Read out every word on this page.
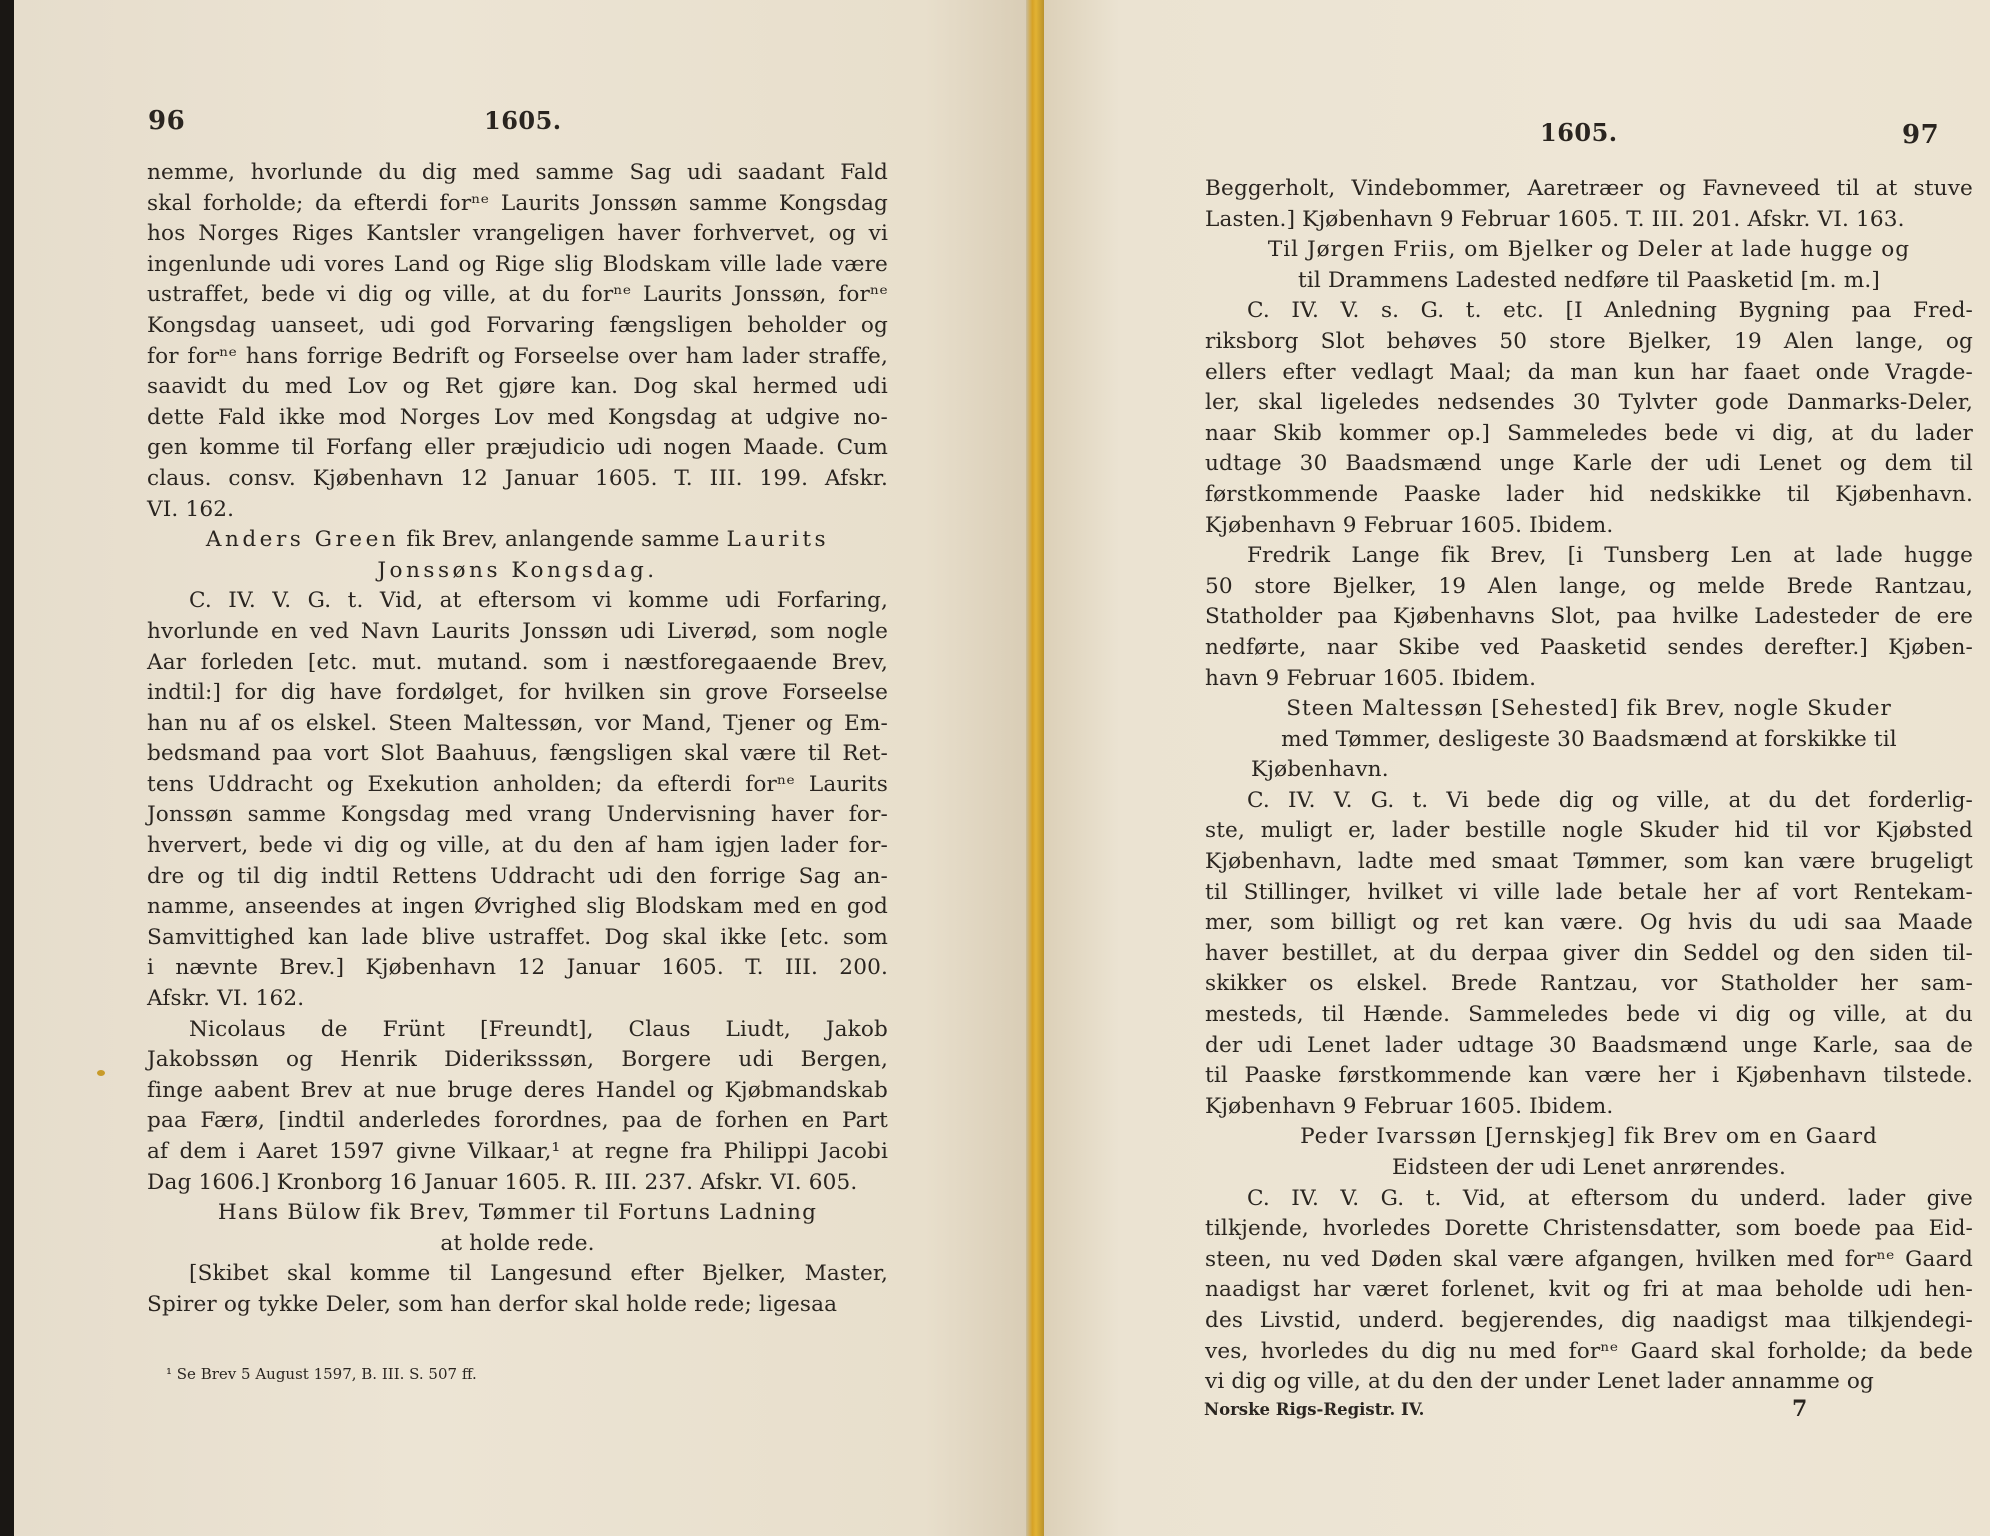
96	1605.
nemme, hvorlunde du dig med samme Sag udi saadant Fald
skal forholde; da efterdi forⁿᵉ Laurits Jonssøn samme Kongsdag
hos Norges Riges Kantsler vrangeligen haver forhvervet, og vi
ingenlunde udi vores Land og Rige slig Blodskam ville lade være
ustraffet, bede vi dig og ville, at du forⁿᵉ Laurits Jonssøn, forⁿᵉ
Kongsdag uanseet, udi god Forvaring fængsligen beholder og
for forⁿᵉ hans forrige Bedrift og Forseelse over ham lader straffe,
saavidt du med Lov og Ret gjøre kan. Dog skal hermed udi
dette Fald ikke mod Norges Lov med Kongsdag at udgive no-
gen komme til Forfang eller præjudicio udi nogen Maade. Cum
claus. consv. Kjøbenhavn 12 Januar 1605. T. III. 199. Afskr.
VI. 162.

Anders Green fik Brev, anlangende samme Laurits

Jonssøns Kongsdag.

C. IV. V. G. t. Vid, at eftersom vi komme udi Forfaring,
hvorlunde en ved Navn Laurits Jonssøn udi Liverød, som nogle
Aar forleden [etc. mut. mutand. som i næstforegaaende Brev,
indtil:] for dig have fordølget, for hvilken sin grove Forseelse
han nu af os elskel. Steen Maltessøn, vor Mand, Tjener og Em-
bedsmand paa vort Slot Baahuus, fængsligen skal være til Ret-
tens Uddracht og Exekution anholden; da efterdi forⁿᵉ Laurits
Jonssøn samme Kongsdag med vrang Undervisning haver for-
hververt, bede vi dig og ville, at du den af ham igjen lader for-
dre og til dig indtil Rettens Uddracht udi den forrige Sag an-
namme, anseendes at ingen Øvrighed slig Blodskam med en god
Samvittighed kan lade blive ustraffet. Dog skal ikke [etc. som
i nævnte Brev.] Kjøbenhavn 12 Januar 1605. T. III. 200.
Afskr. VI. 162.
Nicolaus de Frünt [Freundt], Claus Liudt, Jakob
Jakobssøn og Henrik Dideriksssøn, Borgere udi Bergen,
finge aabent Brev at nue bruge deres Handel og Kjøbmandskab
paa Færø, [indtil anderledes forordnes, paa de forhen en Part
af dem i Aaret 1597 givne Vilkaar,¹ at regne fra Philippi Jacobi
Dag 1606.] Kronborg 16 Januar 1605. R. III. 237. Afskr. VI. 605.

Hans Bülow fik Brev, Tømmer til Fortuns Ladning

at holde rede.

[Skibet skal komme til Langesund efter Bjelker, Master,
Spirer og tykke Deler, som han derfor skal holde rede; ligesaa
¹ Se Brev 5 August 1597, B. III. S. 507 ff.
1605.	97
Beggerholt, Vindebommer, Aaretræer og Favneveed til at stuve
Lasten.] Kjøbenhavn 9 Februar 1605. T. III. 201. Afskr. VI. 163.

Til Jørgen Friis, om Bjelker og Deler at lade hugge og

til Drammens Ladested nedføre til Paasketid [m. m.]

C. IV. V. s. G. t. etc. [I Anledning Bygning paa Fred-
riksborg Slot behøves 50 store Bjelker, 19 Alen lange, og
ellers efter vedlagt Maal; da man kun har faaet onde Vragde-
ler, skal ligeledes nedsendes 30 Tylvter gode Danmarks-Deler,
naar Skib kommer op.] Sammeledes bede vi dig, at du lader
udtage 30 Baadsmænd unge Karle der udi Lenet og dem til
førstkommende Paaske lader hid nedskikke til Kjøbenhavn.
Kjøbenhavn 9 Februar 1605. Ibidem.
Fredrik Lange fik Brev, [i Tunsberg Len at lade hugge
50 store Bjelker, 19 Alen lange, og melde Brede Rantzau,
Statholder paa Kjøbenhavns Slot, paa hvilke Ladesteder de ere
nedførte, naar Skibe ved Paasketid sendes derefter.] Kjøben-
havn 9 Februar 1605. Ibidem.

Steen Maltessøn [Sehested] fik Brev, nogle Skuder

med Tømmer, desligeste 30 Baadsmænd at forskikke til

Kjøbenhavn.

C. IV. V. G. t. Vi bede dig og ville, at du det forderlig-
ste, muligt er, lader bestille nogle Skuder hid til vor Kjøbsted
Kjøbenhavn, ladte med smaat Tømmer, som kan være brugeligt
til Stillinger, hvilket vi ville lade betale her af vort Rentekam-
mer, som billigt og ret kan være. Og hvis du udi saa Maade
haver bestillet, at du derpaa giver din Seddel og den siden til-
skikker os elskel. Brede Rantzau, vor Statholder her sam-
mesteds, til Hænde. Sammeledes bede vi dig og ville, at du
der udi Lenet lader udtage 30 Baadsmænd unge Karle, saa de
til Paaske førstkommende kan være her i Kjøbenhavn tilstede.
Kjøbenhavn 9 Februar 1605. Ibidem.

Peder Ivarssøn [Jernskjeg] fik Brev om en Gaard

Eidsteen der udi Lenet anrørendes.

C. IV. V. G. t. Vid, at eftersom du underd. lader give
tilkjende, hvorledes Dorette Christensdatter, som boede paa Eid-
steen, nu ved Døden skal være afgangen, hvilken med forⁿᵉ Gaard
naadigst har været forlenet, kvit og fri at maa beholde udi hen-
des Livstid, underd. begjerendes, dig naadigst maa tilkjendegi-
ves, hvorledes du dig nu med forⁿᵉ Gaard skal forholde; da bede
vi dig og ville, at du den der under Lenet lader annamme og
Norske Rigs-Registr. IV.	7
